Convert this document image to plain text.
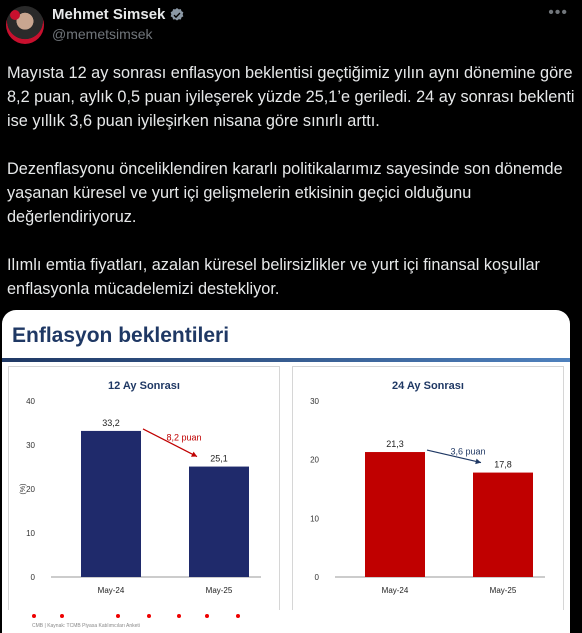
Mehmet Simsek
@memetsimsek
•••

Mayısta 12 ay sonrası enflasyon beklentisi geçtiğimiz yılın aynı dönemine göre 8,2 puan, aylık 0,5 puan iyileşerek yüzde 25,1’e geriledi. 24 ay sonrası beklenti ise yıllık 3,6 puan iyileşirken nisana göre sınırlı arttı.

Dezenflasyonu önceliklendiren kararlı politikalarımız sayesinde son dönemde yaşanan küresel ve yurt içi gelişmelerin etkisinin geçici olduğunu değerlendiriyoruz.

Ilımlı emtia fiyatları, azalan küresel belirsizlikler ve yurt içi finansal koşullar enflasyonla mücadelemizi destekliyor.

Enflasyon beklentileri
12 Ay Sonrası
0
10
20
30
40
(%)
33,2
May-24
25,1
May-25
8,2 puan
24 Ay Sonrası
0
10
20
30
21,3
May-24
17,8
May-25
3,6 puan
CMB | Kaynak: TCMB Piyasa Katılımcıları Anketi
